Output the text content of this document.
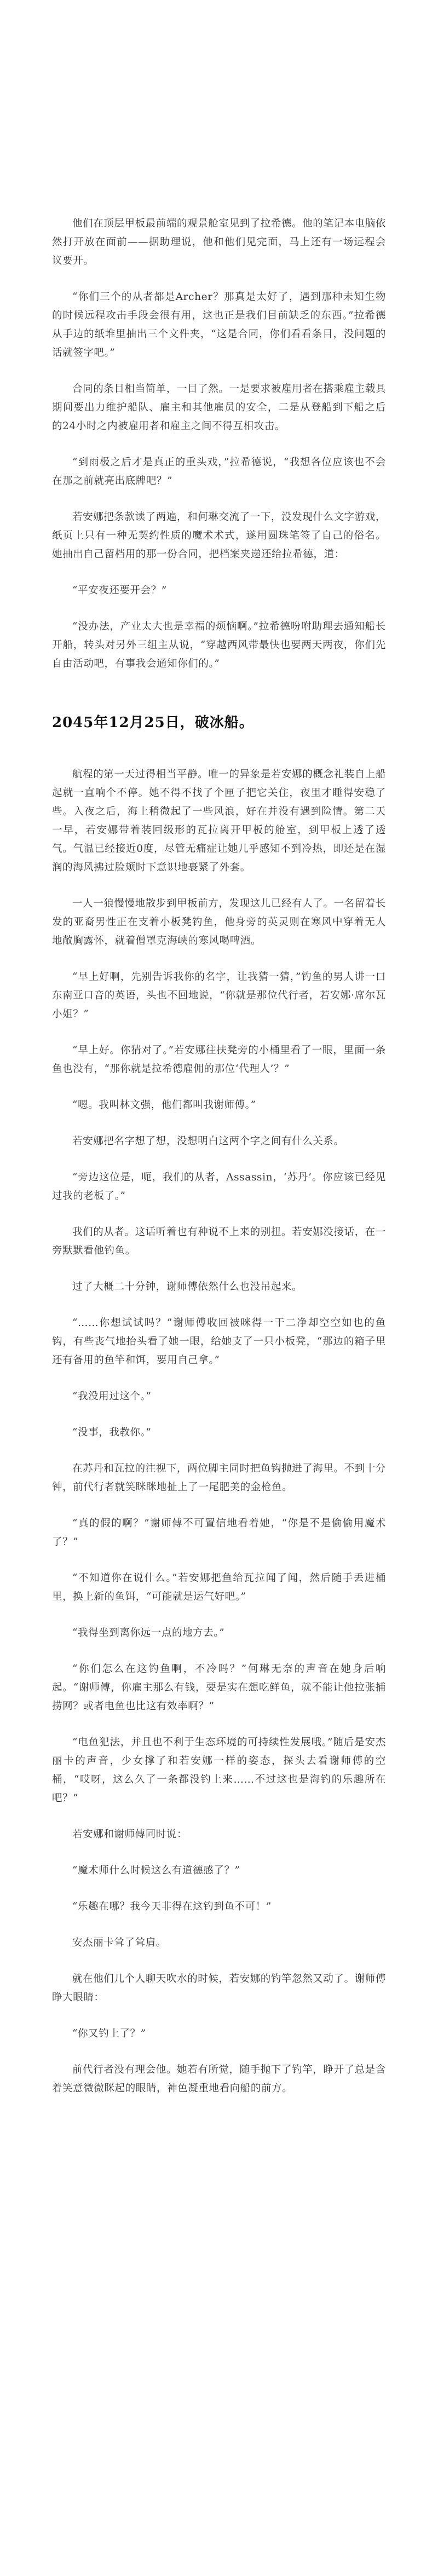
他们在顶层甲板最前端的观景舱室见到了拉希德。他的笔记本电脑依然打开放在面前——据助理说，他和他们见完面，马上还有一场远程会议要开。

“你们三个的从者都是Archer？那真是太好了，遇到那种未知生物的时候远程攻击手段会很有用，这也正是我们目前缺乏的东西。”拉希德从手边的纸堆里抽出三个文件夹，“这是合同，你们看看条目，没问题的话就签字吧。”

合同的条目相当简单，一目了然。一是要求被雇用者在搭乘雇主载具期间要出力维护船队、雇主和其他雇员的安全，二是从登船到下船之后的24小时之内被雇用者和雇主之间不得互相攻击。

“到雨极之后才是真正的重头戏，”拉希德说，“我想各位应该也不会在那之前就亮出底牌吧？”

若安娜把条款读了两遍，和何琳交流了一下，没发现什么文字游戏，纸页上只有一种无契约性质的魔术术式，遂用圆珠笔签了自己的俗名。她抽出自己留档用的那一份合同，把档案夹递还给拉希德，道：

“平安夜还要开会？”

“没办法，产业太大也是幸福的烦恼啊。”拉希德吩咐助理去通知船长开船，转头对另外三组主从说，“穿越西风带最快也要两天两夜，你们先自由活动吧，有事我会通知你们的。”

2045年12月25日，破冰船。

航程的第一天过得相当平静。唯一的异象是若安娜的概念礼装自上船起就一直响个不停。她不得不找了个匣子把它关住，夜里才睡得安稳了些。入夜之后，海上稍微起了一些风浪，好在并没有遇到险情。第二天一早，若安娜带着装回级形的瓦拉离开甲板的舱室，到甲板上透了透气。气温已经接近0度，尽管无痛症让她几乎感知不到冷热，即还是在湿润的海风拂过脸颊时下意识地裹紧了外套。

一人一狼慢慢地散步到甲板前方，发现这儿已经有人了。一名留着长发的亚裔男性正在支着小板凳钓鱼，他身旁的英灵则在寒风中穿着无人地敞胸露怀，就着僧罩克海峡的寒风喝啤酒。

“早上好啊，先别告诉我你的名字，让我猜一猜，”钓鱼的男人讲一口东南亚口音的英语，头也不回地说，“你就是那位代行者，若安娜·席尔瓦小姐？”

“早上好。你猜对了。”若安娜往扶凳旁的小桶里看了一眼，里面一条鱼也没有，“那你就是拉希德雇佣的那位‘代理人’？”

“嗯。我叫林文强，他们都叫我谢师傅。”

若安娜把名字想了想，没想明白这两个字之间有什么关系。

“旁边这位是，呃，我们的从者，Assassin，‘苏丹’。你应该已经见过我的老板了。”

我们的从者。这话听着也有种说不上来的别扭。若安娜没接话，在一旁默默看他钓鱼。

过了大概二十分钟，谢师傅依然什么也没吊起来。

“……你想试试吗？”谢师傅收回被咪得一干二净却空空如也的鱼钩，有些丧气地抬头看了她一眼，给她支了一只小板凳，“那边的箱子里还有备用的鱼竿和饵，要用自己拿。”

“我没用过这个。”

“没事，我教你。”

在苏丹和瓦拉的注视下，两位脚主同时把鱼钩抛进了海里。不到十分钟，前代行者就笑眯眯地扯上了一尾肥美的金枪鱼。

“真的假的啊？”谢师傅不可置信地看着她，“你是不是偷偷用魔术了？”

“不知道你在说什么。”若安娜把鱼给瓦拉闻了闻，然后随手丢进桶里，换上新的鱼饵，“可能就是运气好吧。”

“我得坐到离你远一点的地方去。”

“你们怎么在这钓鱼啊，不冷吗？”何琳无奈的声音在她身后响起。“谢师傅，你雇主那么有钱，要是实在想吃鲜鱼，就不能让他拉张捕捞网？或者电鱼也比这有效率啊？”

“电鱼犯法，并且也不利于生态环境的可持续性发展哦。”随后是安杰丽卡的声音，少女撑了和若安娜一样的姿态，探头去看谢师傅的空桶，“哎呀，这么久了一条都没钓上来……不过这也是海钓的乐趣所在吧？”

若安娜和谢师傅同时说：

“魔术师什么时候这么有道德感了？”

“乐趣在哪？我今天非得在这钓到鱼不可！”

安杰丽卡耸了耸肩。

就在他们几个人聊天吹水的时候，若安娜的钓竿忽然又动了。谢师傅睁大眼睛：

“你又钓上了？”

前代行者没有理会他。她若有所觉，随手抛下了钓竿，睁开了总是含着笑意微微眯起的眼睛，神色凝重地看向船的前方。
